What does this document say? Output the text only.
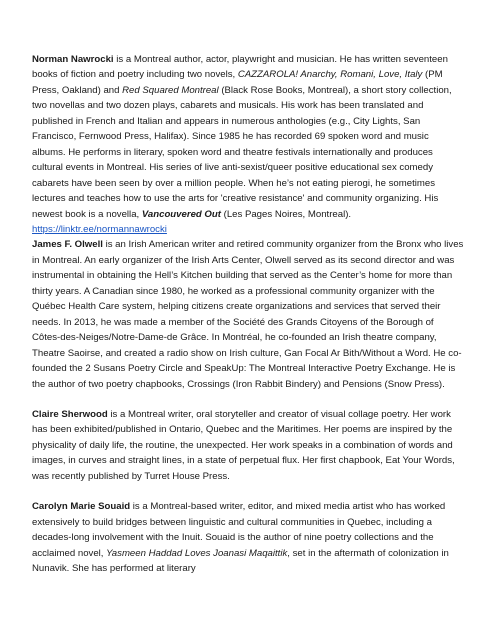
Norman Nawrocki is a Montreal author, actor, playwright and musician. He has written seventeen books of fiction and poetry including two novels, CAZZAROLA! Anarchy, Romani, Love, Italy (PM Press, Oakland) and Red Squared Montreal (Black Rose Books, Montreal), a short story collection, two novellas and two dozen plays, cabarets and musicals. His work has been translated and published in French and Italian and appears in numerous anthologies (e.g., City Lights, San Francisco, Fernwood Press, Halifax). Since 1985 he has recorded 69 spoken word and music albums. He performs in literary, spoken word and theatre festivals internationally and produces cultural events in Montreal. His series of live anti-sexist/queer positive educational sex comedy cabarets have been seen by over a million people. When he’s not eating pierogi, he sometimes lectures and teaches how to use the arts for 'creative resistance' and community organizing. His newest book is a novella, Vancouvered Out (Les Pages Noires, Montreal). https://linktr.ee/normannawrocki

James F. Olwell is an Irish American writer and retired community organizer from the Bronx who lives in Montreal. An early organizer of the Irish Arts Center, Olwell served as its second director and was instrumental in obtaining the Hell’s Kitchen building that served as the Center’s home for more than thirty years. A Canadian since 1980, he worked as a professional community organizer with the Québec Health Care system, helping citizens create organizations and services that served their needs. In 2013, he was made a member of the Société des Grands Citoyens of the Borough of Côtes-des-Neiges/Notre-Dame-de Grâce. In Montréal, he co-founded an Irish theatre company, Theatre Saoirse, and created a radio show on Irish culture, Gan Focal Ar Bith/Without a Word. He co-founded the 2 Susans Poetry Circle and SpeakUp: The Montreal Interactive Poetry Exchange. He is the author of two poetry chapbooks, Crossings (Iron Rabbit Bindery) and Pensions (Snow Press).

Claire Sherwood is a Montreal writer, oral storyteller and creator of visual collage poetry. Her work has been exhibited/published in Ontario, Quebec and the Maritimes. Her poems are inspired by the physicality of daily life, the routine, the unexpected. Her work speaks in a combination of words and images, in curves and straight lines, in a state of perpetual flux. Her first chapbook, Eat Your Words, was recently published by Turret House Press.

Carolyn Marie Souaid is a Montreal-based writer, editor, and mixed media artist who has worked extensively to build bridges between linguistic and cultural communities in Quebec, including a decades-long involvement with the Inuit. Souaid is the author of nine poetry collections and the acclaimed novel, Yasmeen Haddad Loves Joanasi Maqaittik, set in the aftermath of colonization in Nunavik. She has performed at literary
